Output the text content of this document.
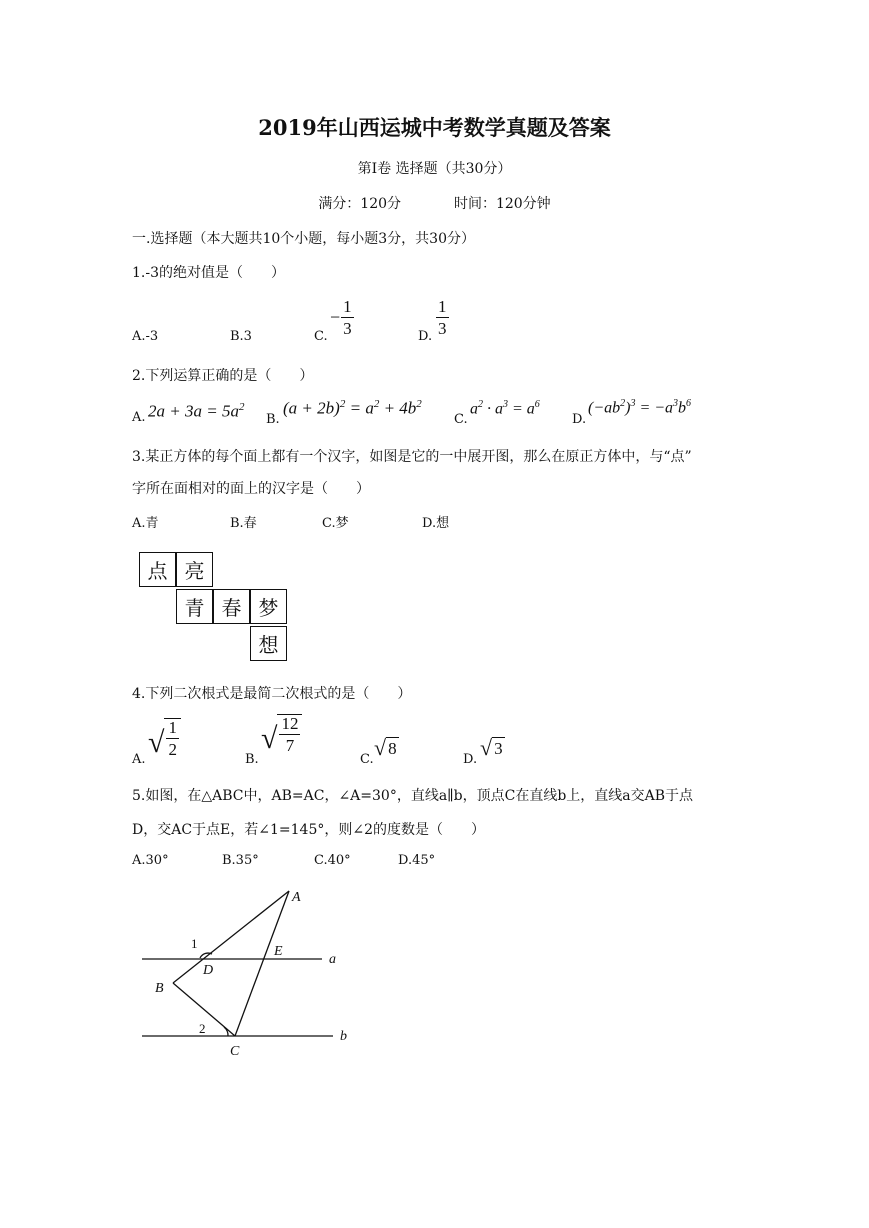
2019年山西运城中考数学真题及答案
第Ⅰ卷 选择题（共30分）
满分：120分	时间：120分钟
一.选择题（本大题共10个小题，每小题3分，共30分）
1.-3的绝对值是（　　）
A.-3	B.3	C.
− $\frac{1}{3}$	D. $\frac{1}{3}$
2.下列运算正确的是（　　）
A. $2a + 3a = 5a^2$
B.
$(a + 2b)^2 = a^2 + 4b^2$
C.
$a^2 \cdot a^3 = a^6$
D.
$(-ab^2)^3 = -a^3b^6$
3.某正方体的每个面上都有一个汉字，如图是它的一中展开图，那么在原正方体中，与“点”
字所在面相对的面上的汉字是（　　）
A.青	B.春	C.梦	D.想
点 亮
青 春 梦
想
4.下列二次根式是最简二次根式的是（　　）
A.
√ $\frac{1}{2}$
B.
√ $\frac{12}{7}$
C. √ 8
D. √ 3
5.如图，在△ABC中，AB=AC，∠A=30°，直线a∥b，顶点C在直线b上，直线a交AB于点
D，交AC于点E，若∠1=145°，则∠2的度数是（　　）
A.30°	B.35°	C.40°	D.45°
A
B
C
D
E
a
b
1
2
